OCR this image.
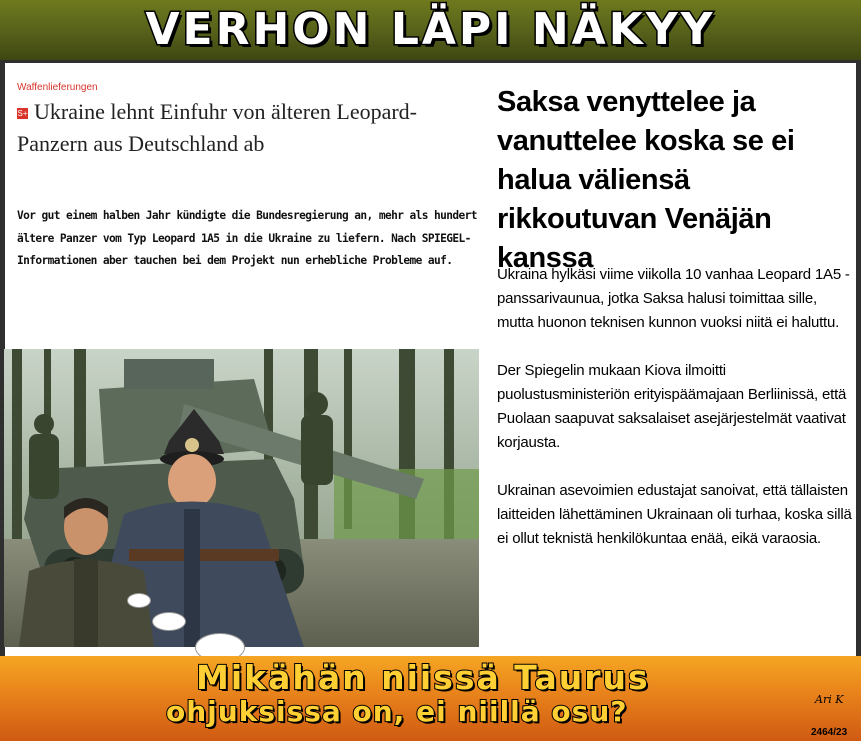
VERHON LÄPI NÄKYY
Waffenlieferungen
S+ Ukraine lehnt Einfuhr von älteren Leopard-Panzern aus Deutschland ab
Vor gut einem halben Jahr kündigte die Bundesregierung an, mehr als hundert ältere Panzer vom Typ Leopard 1A5 in die Ukraine zu liefern. Nach SPIEGEL-Informationen aber tauchen bei dem Projekt nun erhebliche Probleme auf.
Saksa venyttelee ja vanuttelee koska se ei halua väliensä rikkoutuvan Venäjän kanssa

Ukraina hylkäsi viime viikolla 10 vanhaa Leopard 1A5 -panssarivaunua, jotka Saksa halusi toimittaa sille, mutta huonon teknisen kunnon vuoksi niitä ei haluttu.

Der Spiegelin mukaan Kiova ilmoitti puolustusministeriön erityispäämajaan Berliinissä, että Puolaan saapuvat saksalaiset asejärjestelmät vaativat korjausta.

Ukrainan asevoimien edustajat sanoivat, että tällaisten laitteiden lähettäminen Ukrainaan oli turhaa, koska sillä ei ollut teknistä henkilökuntaa enää, eikä varaosia.

Mikähän niissä Taurus
ohjuksissa on, ei niillä osu?	Ari K
2464/23
